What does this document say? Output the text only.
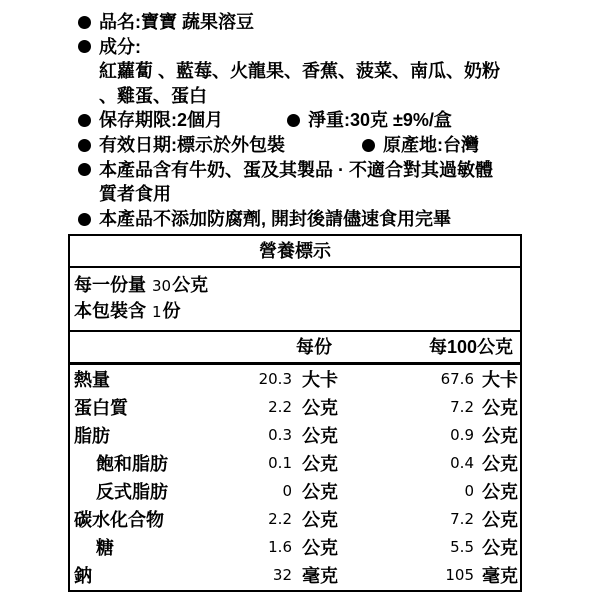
品名:寶寶 蔬果溶豆
成分:
紅蘿蔔 、藍莓、火龍果、香蕉、菠菜、南瓜、奶粉
、雞蛋、蛋白
保存期限:2個月	淨重:30克 ±9%/盒
有效日期:標示於外包裝	原產地:台灣
本產品含有牛奶、蛋及其製品 · 不適合對其過敏體
質者食用
本產品不添加防腐劑, 開封後請儘速食用完畢
營養標示
每一份量 30公克
本包裝含 1份
每份	每100公克
熱量	20.3 大卡	67.6 大卡
蛋白質	2.2 公克	7.2 公克
脂肪	0.3 公克	0.9 公克
飽和脂肪	0.1 公克	0.4 公克
反式脂肪	0 公克	0 公克
碳水化合物	2.2 公克	7.2 公克
糖	1.6 公克	5.5 公克
鈉	32 毫克	105 毫克
